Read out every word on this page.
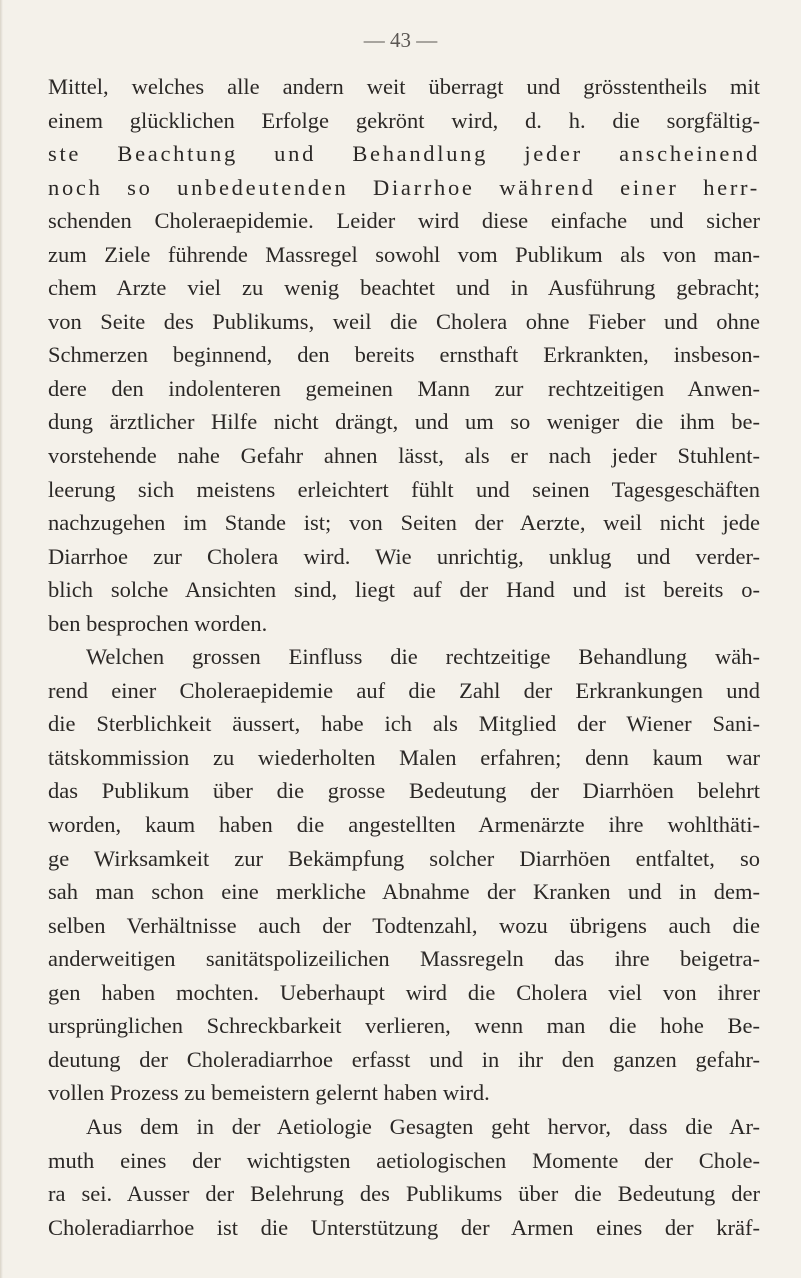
— 43 —
Mittel, welches alle andern weit überragt und grösstentheils mit
einem glücklichen Erfolge gekrönt wird, d. h. die sorgfältig-
ste Beachtung und Behandlung jeder anscheinend
noch so unbedeutenden Diarrhoe während einer herr-
schenden Choleraepidemie. Leider wird diese einfache und sicher
zum Ziele führende Massregel sowohl vom Publikum als von man-
chem Arzte viel zu wenig beachtet und in Ausführung gebracht;
von Seite des Publikums, weil die Cholera ohne Fieber und ohne
Schmerzen beginnend, den bereits ernsthaft Erkrankten, insbeson-
dere den indolenteren gemeinen Mann zur rechtzeitigen Anwen-
dung ärztlicher Hilfe nicht drängt, und um so weniger die ihm be-
vorstehende nahe Gefahr ahnen lässt, als er nach jeder Stuhlent-
leerung sich meistens erleichtert fühlt und seinen Tagesgeschäften
nachzugehen im Stande ist; von Seiten der Aerzte, weil nicht jede
Diarrhoe zur Cholera wird. Wie unrichtig, unklug und verder-
blich solche Ansichten sind, liegt auf der Hand und ist bereits o-
ben besprochen worden.
Welchen grossen Einfluss die rechtzeitige Behandlung wäh-
rend einer Choleraepidemie auf die Zahl der Erkrankungen und
die Sterblichkeit äussert, habe ich als Mitglied der Wiener Sani-
tätskommission zu wiederholten Malen erfahren; denn kaum war
das Publikum über die grosse Bedeutung der Diarrhöen belehrt
worden, kaum haben die angestellten Armenärzte ihre wohlthäti-
ge Wirksamkeit zur Bekämpfung solcher Diarrhöen entfaltet, so
sah man schon eine merkliche Abnahme der Kranken und in dem-
selben Verhältnisse auch der Todtenzahl, wozu übrigens auch die
anderweitigen sanitätspolizeilichen Massregeln das ihre beigetra-
gen haben mochten. Ueberhaupt wird die Cholera viel von ihrer
ursprünglichen Schreckbarkeit verlieren, wenn man die hohe Be-
deutung der Choleradiarrhoe erfasst und in ihr den ganzen gefahr-
vollen Prozess zu bemeistern gelernt haben wird.
Aus dem in der Aetiologie Gesagten geht hervor, dass die Ar-
muth eines der wichtigsten aetiologischen Momente der Chole-
ra sei. Ausser der Belehrung des Publikums über die Bedeutung der
Choleradiarrhoe ist die Unterstützung der Armen eines der kräf-
